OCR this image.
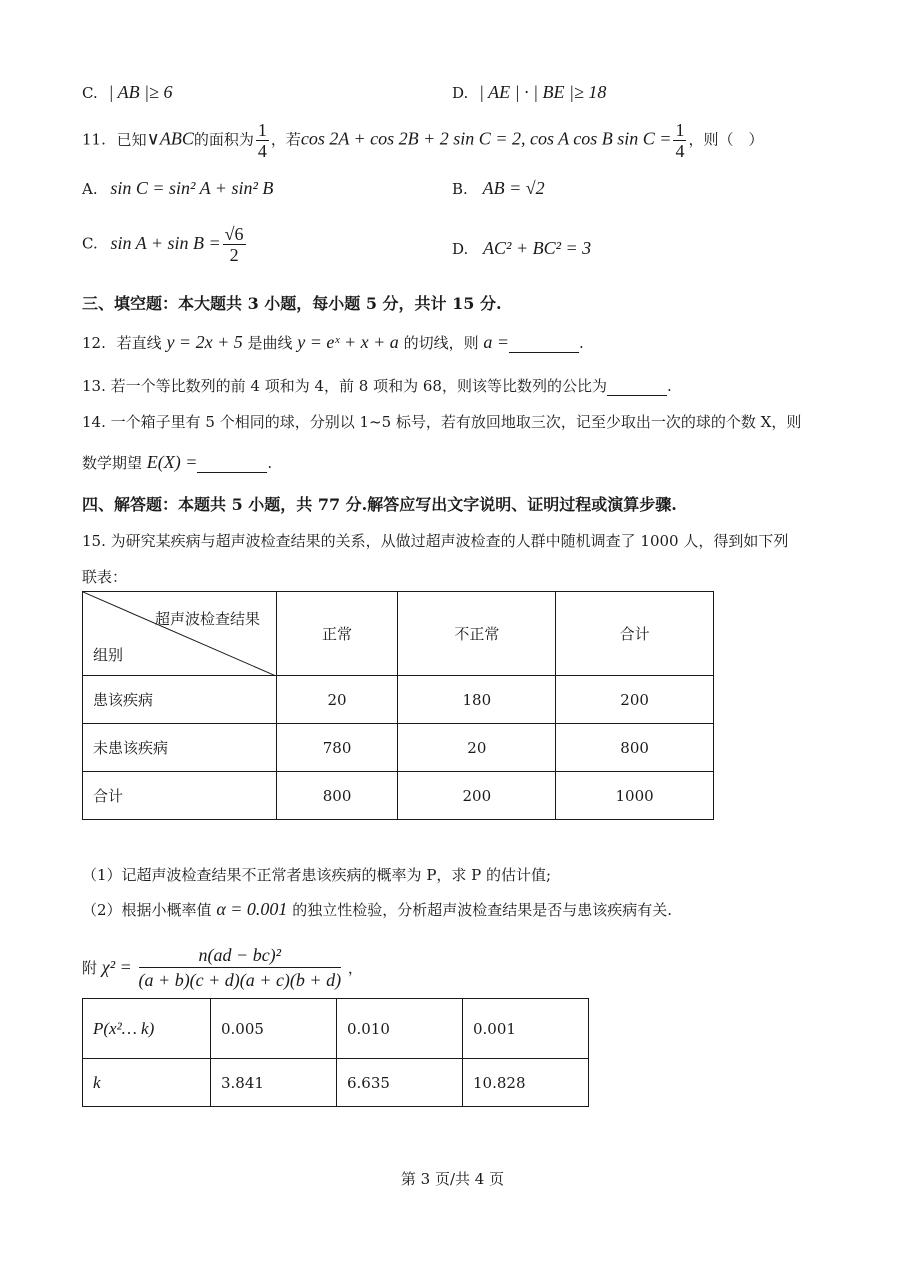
C. | AB |≥ 6	D. | AE | · | BE |≥ 18
11. 已知∨ABC的面积为 $\frac{1}{4}$ ，若cos 2A + cos 2B + 2 sin C = 2, cos A cos B $\sin C = \frac{1}{4}$ ，则（　）
A. sin C = sin² A + sin² B	B. AB = √2
C. $\sin A + \sin B = \frac{√6}{2}$	D. AC² + BC² = 3
三、填空题：本大题共 3 小题，每小题 5 分，共计 15 分.
12. 若直线 y = 2x + 5 是曲线 y = eˣ + x + a 的切线，则 a =	.
13. 若一个等比数列的前 4 项和为 4，前 8 项和为 68，则该等比数列的公比为	.
14. 一个箱子里有 5 个相同的球，分别以 1~5 标号，若有放回地取三次，记至少取出一次的球的个数 X，则
数学期望 E(X) =	.
四、解答题：本题共 5 小题，共 77 分.解答应写出文字说明、证明过程或演算步骤.
15. 为研究某疾病与超声波检查结果的关系，从做过超声波检查的人群中随机调查了 1000 人，得到如下列
联表：
超声波检查结果
组别	正常	不正常	合计
患该疾病	20	180	200
未患该疾病	780	20	800
合计	800	200	1000
（1）记超声波检查结果不正常者患该疾病的概率为 P，求 P 的估计值;
（2）根据小概率值 α = 0.001 的独立性检验，分析超声波检查结果是否与患该疾病有关.
附 $\chi^2 = \frac{\text{n(ad − bc)²}}{(a + b)(c + d)(a + c)(b + d)}$ ，
P(x²… k)	0.005	0.010	0.001
k	3.841	6.635	10.828
第 3 页/共 4 页
